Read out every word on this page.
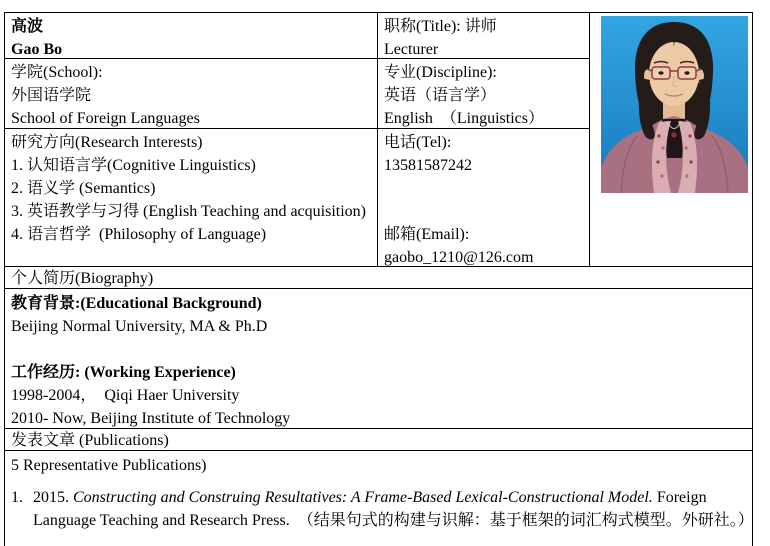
高波
Gao Bo
职称(Title): 讲师
Lecturer
学院(School):
外国语学院
School of Foreign Languages
专业(Discipline):
英语（语言学）
English  （Linguistics）
研究方向(Research Interests)
1. 认知语言学(Cognitive Linguistics)
2. 语义学 (Semantics)
3. 英语教学与习得 (English Teaching and acquisition)
4. 语言哲学  (Philosophy of Language)
电话(Tel):
13581587242
邮箱(Email):
gaobo_1210@126.com
个人简历(Biography)
教育背景:(Educational Background)
Beijing Normal University, MA & Ph.D
工作经历: (Working Experience)
1998-2004，  Qiqi Haer University
2010- Now, Beijing Institute of Technology
发表文章 (Publications)
5 Representative Publications)
1. 2015. Constructing and Construing Resultatives: A Frame-Based Lexical-Constructional Model. Foreign Language Teaching and Research Press.  （结果句式的构建与识解：基于框架的词汇构式模型。外研社。）
